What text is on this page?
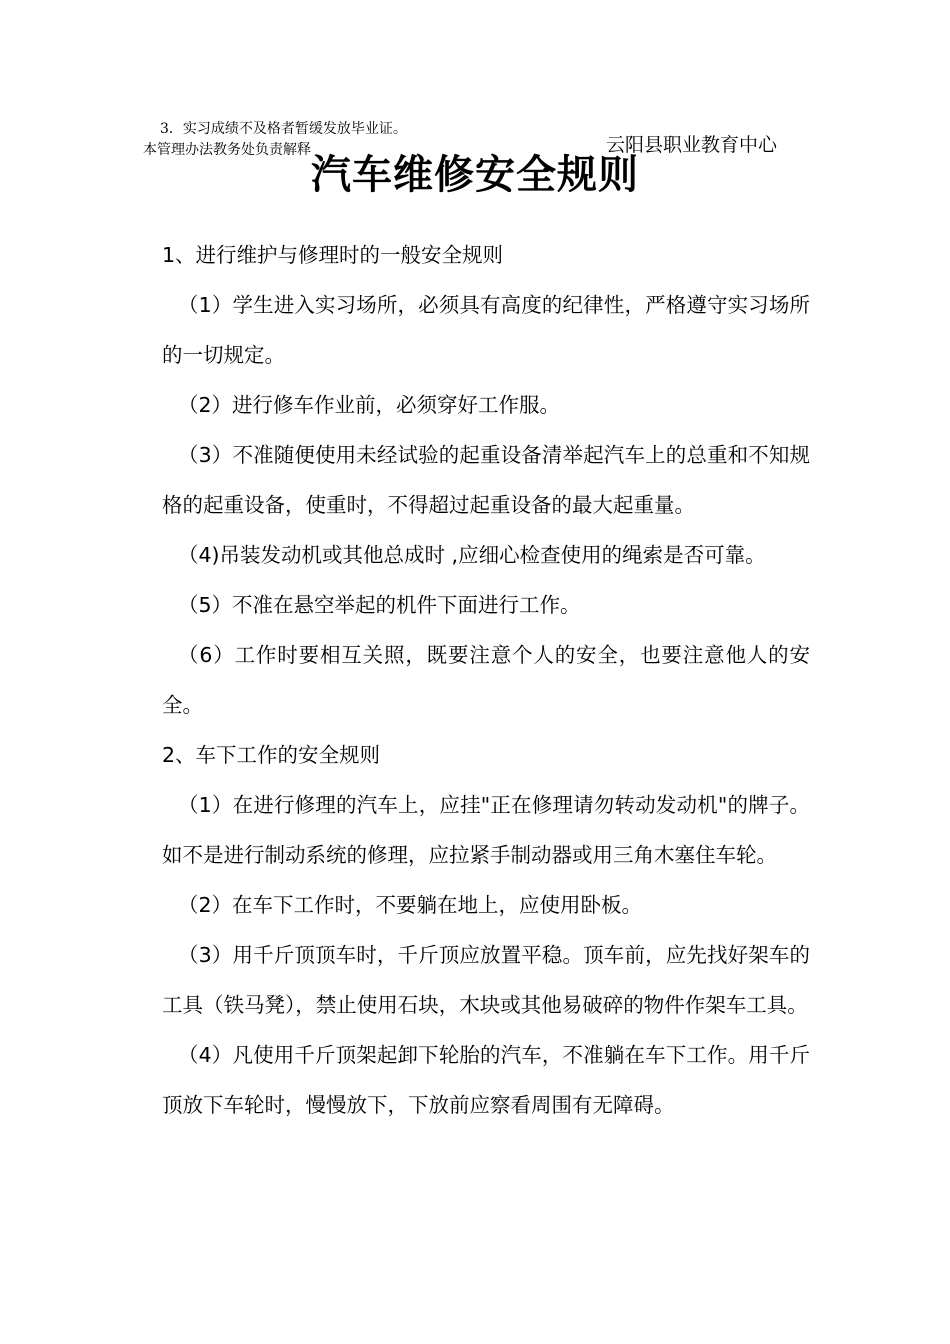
3．实习成绩不及格者暂缓发放毕业证。
本管理办法教务处负责解释	云阳县职业教育中心
汽车维修安全规则

1、进行维护与修理时的一般安全规则

（1）学生进入实习场所，必须具有高度的纪律性，严格遵守实习场所的一切规定。

（2）进行修车作业前，必须穿好工作服。

（3）不准随便使用未经试验的起重设备清举起汽车上的总重和不知规格的起重设备，使重时，不得超过起重设备的最大起重量。

（4)吊装发动机或其他总成时 ,应细心检查使用的绳索是否可靠。

（5）不准在悬空举起的机件下面进行工作。

（6）工作时要相互关照，既要注意个人的安全，也要注意他人的安全。

2、车下工作的安全规则

（1）在进行修理的汽车上，应挂"正在修理请勿转动发动机"的牌子。如不是进行制动系统的修理，应拉紧手制动器或用三角木塞住车轮。

（2）在车下工作时，不要躺在地上，应使用卧板。

（3）用千斤顶顶车时，千斤顶应放置平稳。顶车前，应先找好架车的工具（铁马凳），禁止使用石块，木块或其他易破碎的物件作架车工具。

（4）凡使用千斤顶架起卸下轮胎的汽车，不准躺在车下工作。用千斤顶放下车轮时，慢慢放下，下放前应察看周围有无障碍。
